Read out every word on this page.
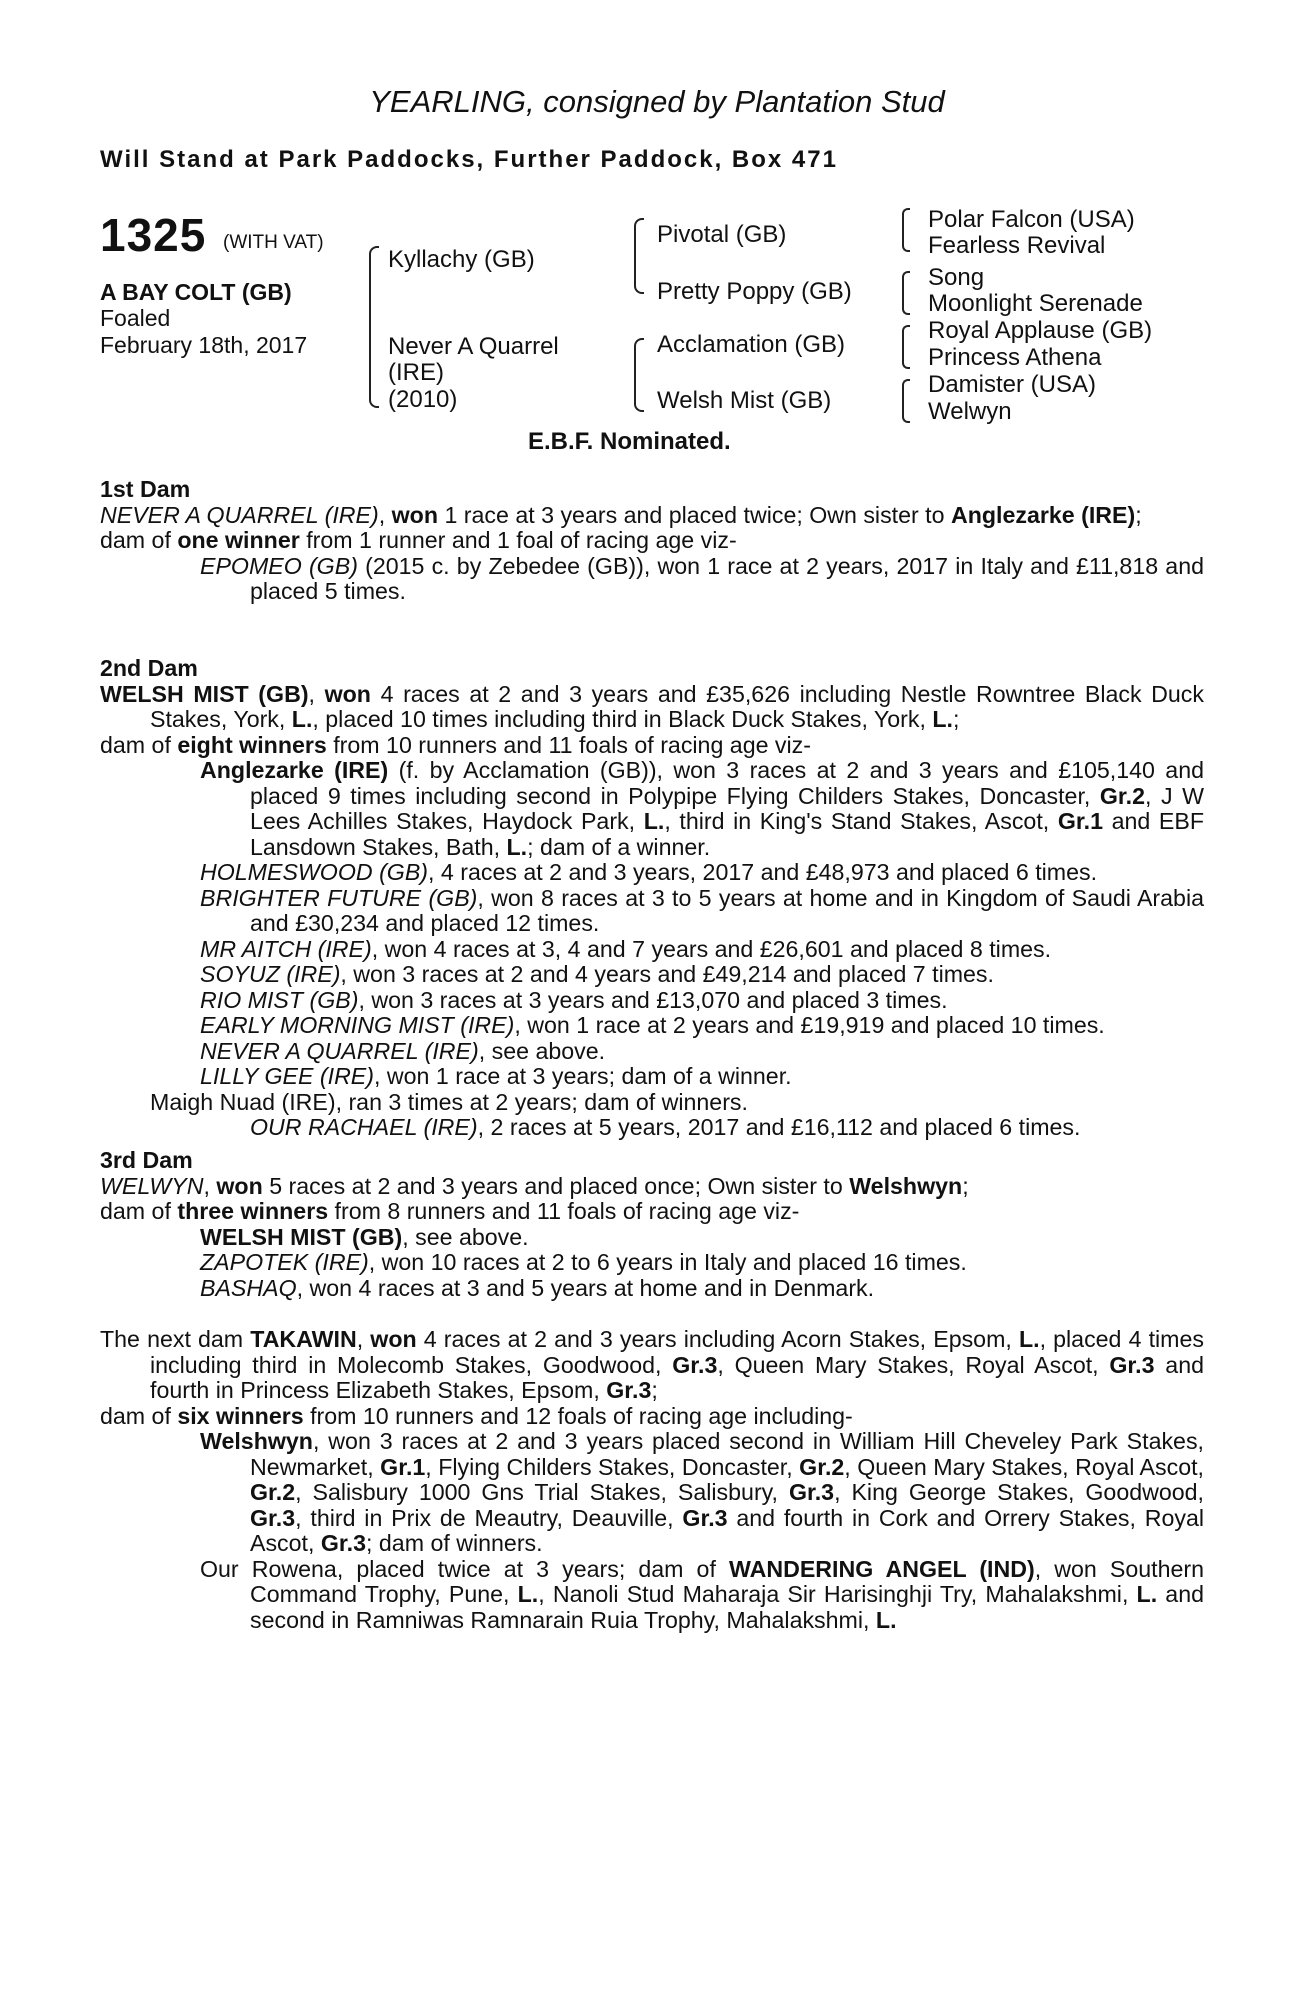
YEARLING, consigned by Plantation Stud
Will Stand at Park Paddocks, Further Paddock, Box 471
1325 (WITH VAT)
A BAY COLT (GB)
Foaled
February 18th, 2017
Kyllachy (GB)
Never A Quarrel
(IRE)
(2010)
Pivotal (GB)
Pretty Poppy (GB)
Acclamation (GB)
Welsh Mist (GB)
Polar Falcon (USA)
Fearless Revival
Song
Moonlight Serenade
Royal Applause (GB)
Princess Athena
Damister (USA)
Welwyn
E.B.F. Nominated.
1st Dam

NEVER A QUARREL (IRE), won 1 race at 3 years and placed twice; Own sister to Anglezarke (IRE);

dam of one winner from 1 runner and 1 foal of racing age viz-

EPOMEO (GB) (2015 c. by Zebedee (GB)), won 1 race at 2 years, 2017 in Italy and £11,818 and placed 5 times.

2nd Dam

WELSH MIST (GB), won 4 races at 2 and 3 years and £35,626 including Nestle Rowntree Black Duck Stakes, York, L., placed 10 times including third in Black Duck Stakes, York, L.;

dam of eight winners from 10 runners and 11 foals of racing age viz-

Anglezarke (IRE) (f. by Acclamation (GB)), won 3 races at 2 and 3 years and £105,140 and placed 9 times including second in Polypipe Flying Childers Stakes, Doncaster, Gr.2, J W Lees Achilles Stakes, Haydock Park, L., third in King's Stand Stakes, Ascot, Gr.1 and EBF Lansdown Stakes, Bath, L.; dam of a winner.

HOLMESWOOD (GB), 4 races at 2 and 3 years, 2017 and £48,973 and placed 6 times.

BRIGHTER FUTURE (GB), won 8 races at 3 to 5 years at home and in Kingdom of Saudi Arabia and £30,234 and placed 12 times.

MR AITCH (IRE), won 4 races at 3, 4 and 7 years and £26,601 and placed 8 times.

SOYUZ (IRE), won 3 races at 2 and 4 years and £49,214 and placed 7 times.

RIO MIST (GB), won 3 races at 3 years and £13,070 and placed 3 times.

EARLY MORNING MIST (IRE), won 1 race at 2 years and £19,919 and placed 10 times.

NEVER A QUARREL (IRE), see above.

LILLY GEE (IRE), won 1 race at 3 years; dam of a winner.

Maigh Nuad (IRE), ran 3 times at 2 years; dam of winners.

OUR RACHAEL (IRE), 2 races at 5 years, 2017 and £16,112 and placed 6 times.

3rd Dam

WELWYN, won 5 races at 2 and 3 years and placed once; Own sister to Welshwyn;

dam of three winners from 8 runners and 11 foals of racing age viz-

WELSH MIST (GB), see above.

ZAPOTEK (IRE), won 10 races at 2 to 6 years in Italy and placed 16 times.

BASHAQ, won 4 races at 3 and 5 years at home and in Denmark.

The next dam TAKAWIN, won 4 races at 2 and 3 years including Acorn Stakes, Epsom, L., placed 4 times including third in Molecomb Stakes, Goodwood, Gr.3, Queen Mary Stakes, Royal Ascot, Gr.3 and fourth in Princess Elizabeth Stakes, Epsom, Gr.3;

dam of six winners from 10 runners and 12 foals of racing age including-

Welshwyn, won 3 races at 2 and 3 years placed second in William Hill Cheveley Park Stakes, Newmarket, Gr.1, Flying Childers Stakes, Doncaster, Gr.2, Queen Mary Stakes, Royal Ascot, Gr.2, Salisbury 1000 Gns Trial Stakes, Salisbury, Gr.3, King George Stakes, Goodwood, Gr.3, third in Prix de Meautry, Deauville, Gr.3 and fourth in Cork and Orrery Stakes, Royal Ascot, Gr.3; dam of winners.

Our Rowena, placed twice at 3 years; dam of WANDERING ANGEL (IND), won Southern Command Trophy, Pune, L., Nanoli Stud Maharaja Sir Harisinghji Try, Mahalakshmi, L. and second in Ramniwas Ramnarain Ruia Trophy, Mahalakshmi, L.
